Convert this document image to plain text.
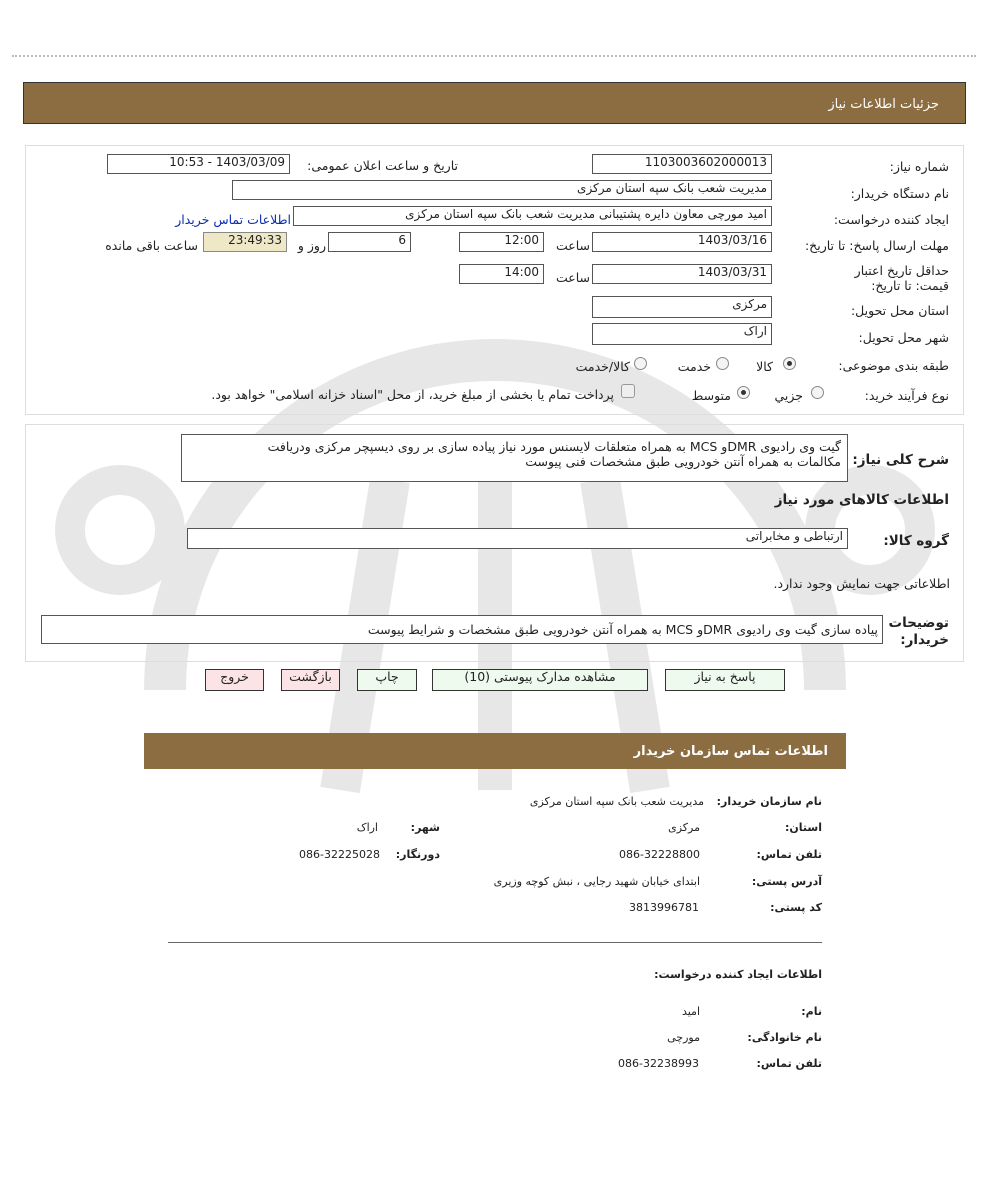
جزئیات اطلاعات نیاز
شماره نیاز:
1103003602000013
تاریخ و ساعت اعلان عمومی:
1403/03/09 - 10:53
نام دستگاه خریدار:
مدیریت شعب بانک سپه استان مرکزی
ایجاد کننده درخواست:
امید مورچی معاون دایره پشتیبانی مدیریت شعب بانک سپه استان مرکزی
اطلاعات تماس خریدار
مهلت ارسال پاسخ: تا تاریخ:
1403/03/16
ساعت
12:00
6
روز و
23:49:33
ساعت باقی مانده
حداقل تاریخ اعتبار قیمت: تا تاریخ:
1403/03/31
ساعت
14:00
استان محل تحویل:
مرکزی
شهر محل تحویل:
اراک
طبقه بندی موضوعی:
کالا
خدمت
کالا/خدمت
نوع فرآیند خرید:
جزیي
متوسط
پرداخت تمام یا بخشی از مبلغ خرید، از محل "اسناد خزانه اسلامی" خواهد بود.
شرح کلی نیاز:
گیت وی رادیوی DMRو MCS به همراه متعلقات لایسنس مورد نیاز پیاده سازی بر روی دیسپچر مرکزی ودریافت
مکالمات به همراه آنتن خودرویی طبق مشخصات فنی پیوست
اطلاعات کالاهای مورد نیاز
گروه کالا:
ارتباطی و مخابراتی
اطلاعاتی جهت نمایش وجود ندارد.
توضیحات
خریدار:
پیاده سازی گیت وی رادیوی DMRو MCS به همراه آنتن خودرویی طبق مشخصات و شرایط پیوست
پاسخ به نیاز
مشاهده مدارک پیوستی (10)
چاپ
بازگشت
خروج
اطلاعات تماس سازمان خریدار
نام سازمان خریدار:
مدیریت شعب بانک سپه استان مرکزی
استان:
مرکزی
شهر:
اراک
تلفن تماس:
086-32228800
دورنگار:
086-32225028
آدرس پستی:
ابتدای خیابان شهید رجایی ، نبش کوچه وزیری
کد پستی:
3813996781
اطلاعات ایجاد کننده درخواست:
نام:
امید
نام خانوادگی:
مورچی
تلفن تماس:
086-32238993
